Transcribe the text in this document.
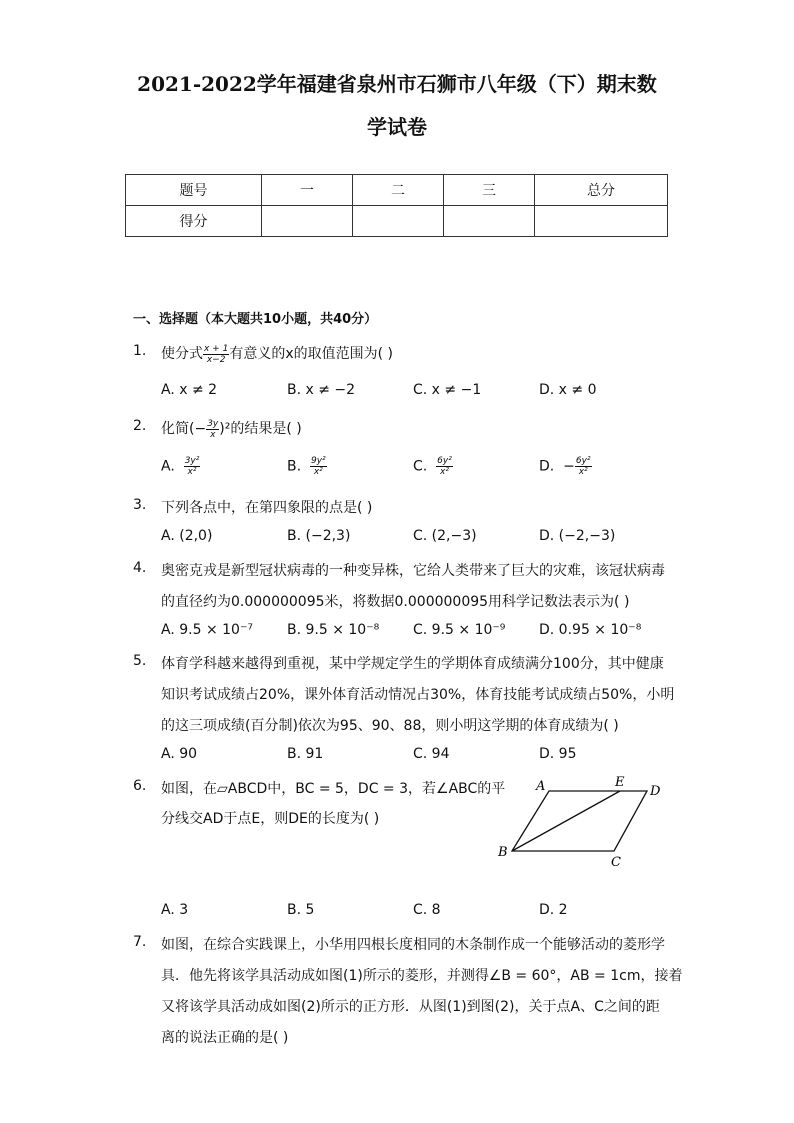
2021-2022学年福建省泉州市石狮市八年级（下）期末数
学试卷
题号	一	二	三	总分
得分				
一、选择题（本大题共10小题，共40分）
1.	使分式 $\frac{x + 1}{x-2}$ 有意义的x的取值范围为( )
A. x ≠ 2	B. x ≠ −2	C. x ≠ −1	D. x ≠ 0
2.	化简(− $\frac{3y}{x} )^2$的结果是( )
A. $\frac{\text{3y²}}{\text{x²}}$	B. $\frac{\text{9y²}}{\text{x²}}$	C. $\frac{\text{6y²}}{\text{x²}}$	D. − $\frac{\text{6y²}}{\text{x²}}$
3.	下列各点中，在第四象限的点是( )
A. (2,0)	B. (−2,3)	C. (2,−3)	D. (−2,−3)
4.	奥密克戎是新型冠状病毒的一种变异株，它给人类带来了巨大的灾难，该冠状病毒
的直径约为0.000000095米，将数据0.000000095用科学记数法表示为( )
A. 9.5 × 10⁻⁷ B. 9.5 × 10⁻⁸ C. 9.5 × 10⁻⁹ D. 0.95 × 10⁻⁸
5.	体育学科越来越得到重视，某中学规定学生的学期体育成绩满分100分，其中健康
知识考试成绩占20%，课外体育活动情况占30%，体育技能考试成绩占50%，小明
的这三项成绩(百分制)依次为95、90、88，则小明这学期的体育成绩为( )
A. 90	B. 91	C. 94	D. 95
6.	如图，在▱ABCD中，BC = 5，DC = 3，若∠ABC的平
分线交AD于点E，则DE的长度为( )
A	E
D
B
C
A. 3	B. 5	C. 8	D. 2
7.	如图，在综合实践课上，小华用四根长度相同的木条制作成一个能够活动的菱形学
具．他先将该学具活动成如图(1)所示的菱形，并测得∠B = 60°，AB = 1cm，接着
又将该学具活动成如图(2)所示的正方形．从图(1)到图(2)，关于点A、C之间的距
离的说法正确的是( )
